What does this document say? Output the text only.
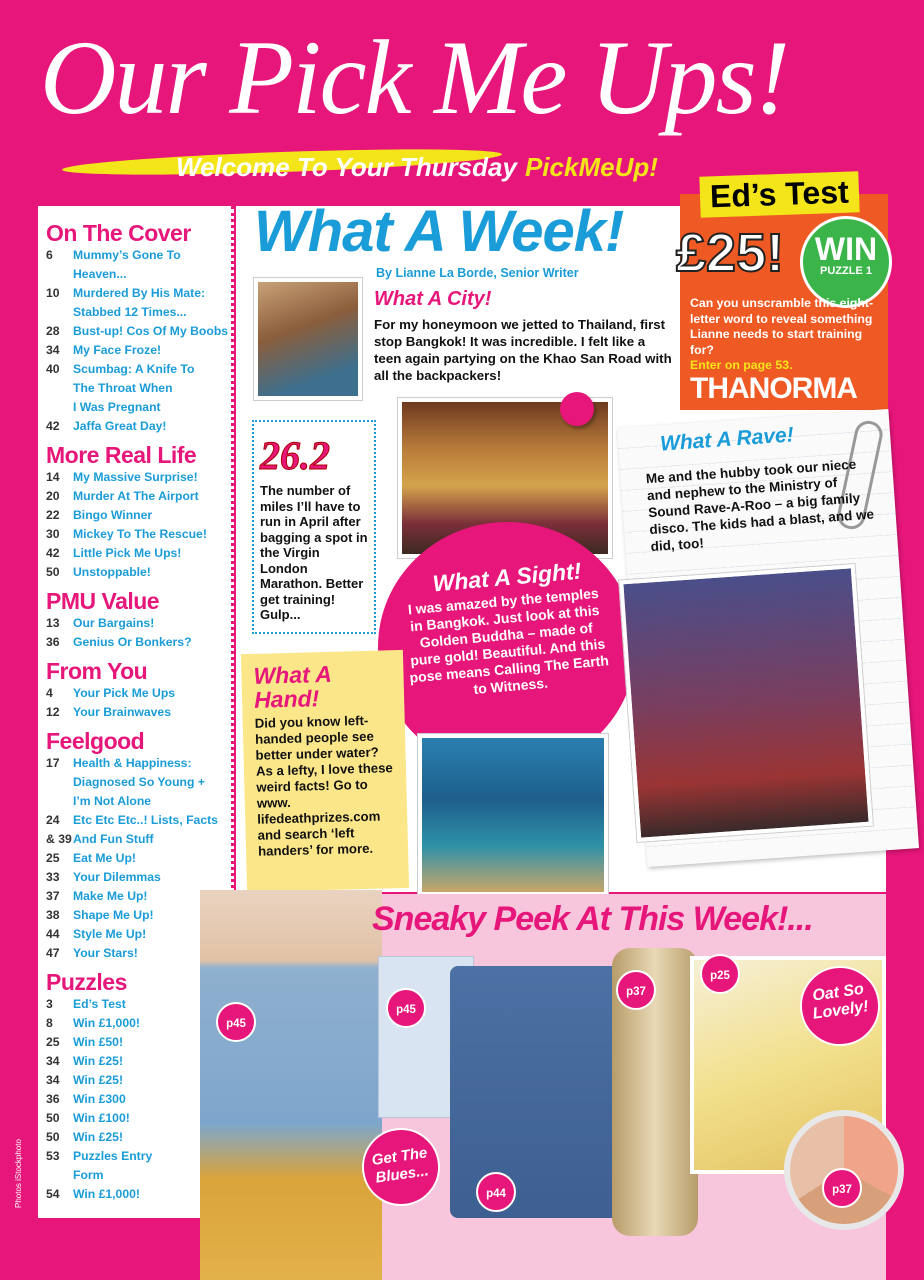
Our Pick Me Ups!
Welcome To Your Thursday PickMeUp!
On The Cover
6	Mummy’s Gone To Heaven...
10	Murdered By His Mate:
Stabbed 12 Times...
28	Bust-up! Cos Of My Boobs
34	My Face Froze!
40	Scumbag: A Knife To
The Throat When
I Was Pregnant
42	Jaffa Great Day!
More Real Life
14	My Massive Surprise!
20	Murder At The Airport
22	Bingo Winner
30	Mickey To The Rescue!
42	Little Pick Me Ups!
50	Unstoppable!
PMU Value
13	Our Bargains!
36	Genius Or Bonkers?
From You
4	Your Pick Me Ups
12	Your Brainwaves
Feelgood
17	Health & Happiness:
Diagnosed So Young +
I’m Not Alone
24	Etc Etc Etc..! Lists, Facts
& 39 And Fun Stuff
25	Eat Me Up!
33	Your Dilemmas
37	Make Me Up!
38	Shape Me Up!
44	Style Me Up!
47	Your Stars!
Puzzles
3	Ed’s Test
8	Win £1,000!
25	Win £50!
34	Win £25!
34	Win £25!
36	Win £300
50	Win £100!
50	Win £25!
53	Puzzles Entry
Form
54	Win £1,000!
What A Week!
By Lianne La Borde, Senior Writer
What A City!
For my honeymoon we jetted to Thailand, first stop Bangkok! It was incredible. I felt like a teen again partying on the Khao San Road with all the backpackers!
Ed’s Test
£25! WIN
PUZZLE 1
Can you unscramble this eight-letter word to reveal something Lianne needs to start training for?
Enter on page 53.
THANORMA
26.2
The number of miles I’ll have to run in April after bagging a spot in the Virgin London Marathon. Better get training! Gulp...
What A Sight!
I was amazed by the temples in Bangkok. Just look at this Golden Buddha – made of pure gold! Beautiful. And this pose means Calling The Earth to Witness.
What A Rave!
Me and the hubby took our niece and nephew to the Ministry of Sound Rave-A-Roo – a big family disco. The kids had a blast, and we did, too!
What A Hand!
Did you know left-handed people see better under water? As a lefty, I love these weird facts! Go to www. lifedeathprizes.com and search ‘left handers’ for more.
Sneaky Peek At This Week!...
p45
p45
p44
p37
p25
p37
Oat So Lovely!
Get The Blues...
Photos iStockphoto
